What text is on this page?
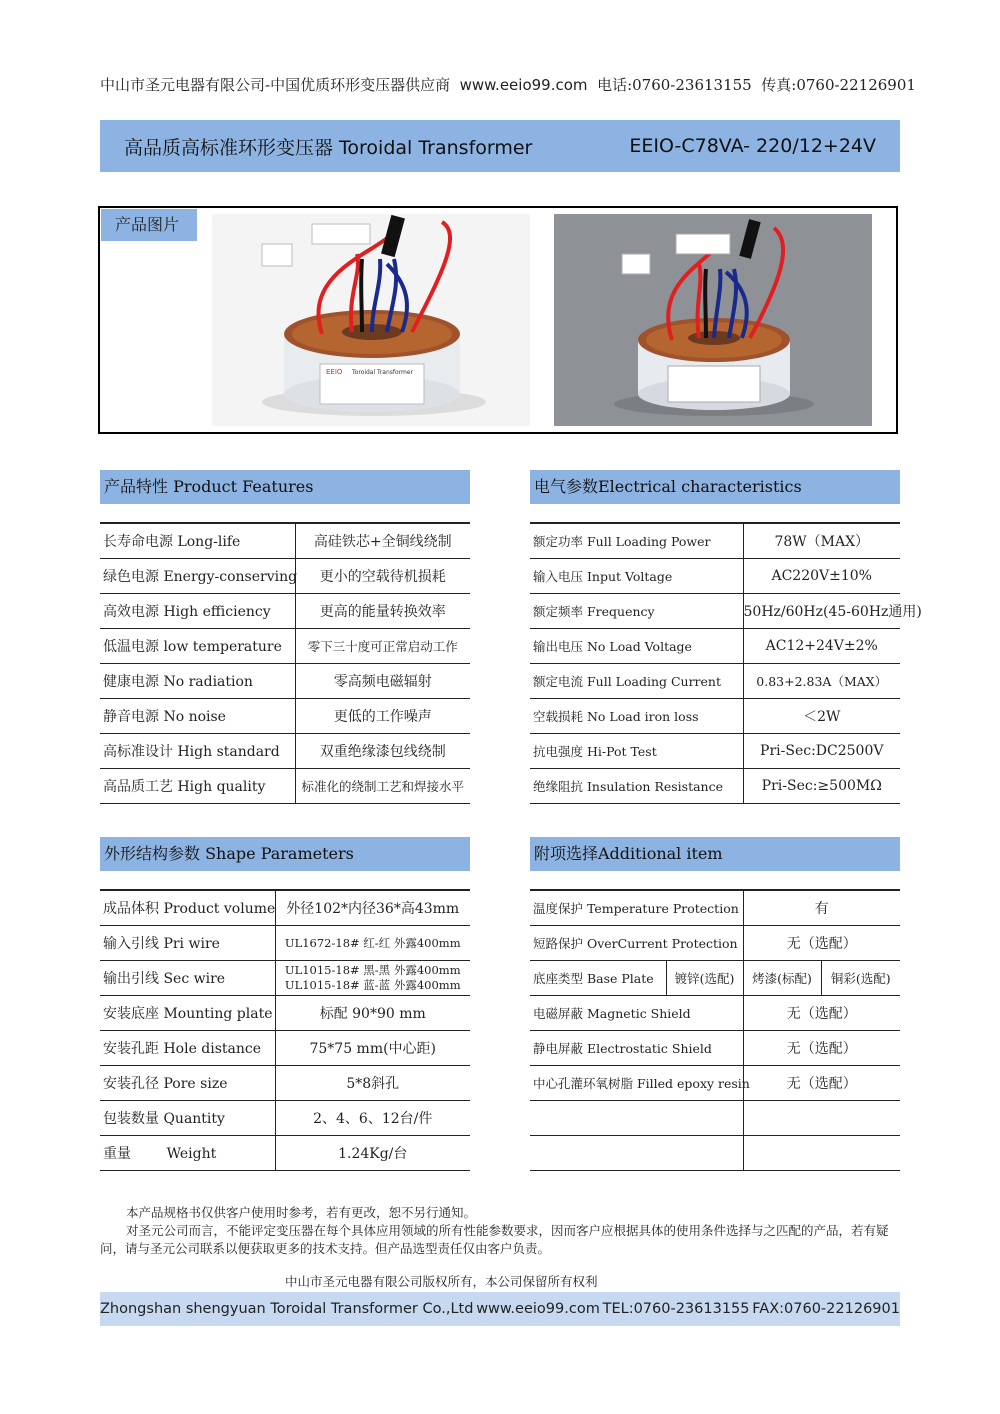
中山市圣元电器有限公司-中国优质环形变压器供应商 www.eeio99.com 电话:0760-23613155 传真:0760-22126901
高品质高标准环形变压器 Toroidal Transformer	EEIO-C78VA- 220/12+24V
产品图片
EEIO Toroidal Transformer
产品特性 Product Features
长寿命电源 Long-life	高硅铁芯+全铜线绕制
绿色电源 Energy-conserving	更小的空载待机损耗
高效电源 High efficiency	更高的能量转换效率
低温电源 low temperature	零下三十度可正常启动工作
健康电源 No radiation	零高频电磁辐射
静音电源 No noise	更低的工作噪声
高标准设计 High standard	双重绝缘漆包线绕制
高品质工艺 High quality	标准化的绕制工艺和焊接水平
电气参数Electrical characteristics
额定功率 Full Loading Power	78W（MAX）
输入电压 Input Voltage	AC220V±10%
额定频率 Frequency	50Hz/60Hz(45-60Hz通用)
输出电压 No Load Voltage	AC12+24V±2%
额定电流 Full Loading Current	0.83+2.83A（MAX）
空载损耗 No Load iron loss	＜2W
抗电强度 Hi-Pot Test	Pri-Sec:DC2500V
绝缘阻抗 Insulation Resistance	Pri-Sec:≥500MΩ
外形结构参数 Shape Parameters
成品体积 Product volume	外径102*内径36*高43mm
输入引线 Pri wire	UL1672-18# 红-红 外露400mm
输出引线 Sec wire	UL1015-18# 黑-黑 外露400mm
UL1015-18# 蓝-蓝 外露400mm

安装底座 Mounting plate	标配 90*90 mm
安装孔距 Hole distance	75*75 mm(中心距)
安装孔径 Pore size	5*8斜孔
包装数量 Quantity	2、4、6、12台/件
重量        Weight	1.24Kg/台
附项选择Additional item
温度保护 Temperature Protection		有	
短路保护 OverCurrent Protection		无（选配）	
底座类型 Base Plate	镀锌(选配)	烤漆(标配)	铜彩(选配)
电磁屏蔽 Magnetic Shield		无（选配）	
静电屏蔽 Electrostatic Shield		无（选配）	
中心孔灌环氧树脂 Filled epoxy resin		无（选配）	

本产品规格书仅供客户使用时参考，若有更改，恕不另行通知。
对圣元公司而言，不能评定变压器在每个具体应用领域的所有性能参数要求，因而客户应根据具体的使用条件选择与之匹配的产品，若有疑问，请与圣元公司联系以便获取更多的技术支持。但产品选型责任仅由客户负责。
中山市圣元电器有限公司版权所有，本公司保留所有权利
Zhongshan shengyuan Toroidal Transformer Co.,Ltd www.eeio99.com TEL:0760-23613155 FAX:0760-22126901
